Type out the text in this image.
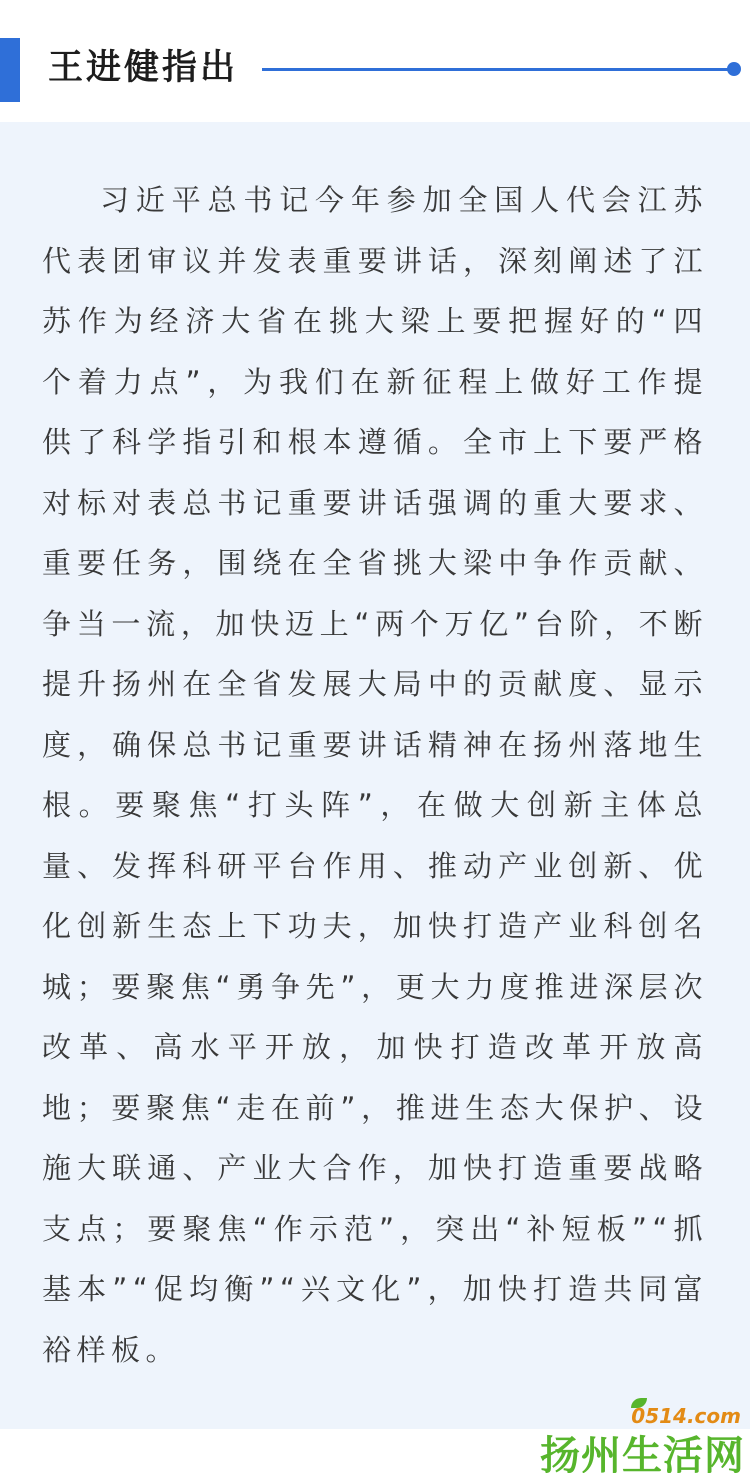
王进健指出

习近平总书记今年参加全国人代会江苏代表团审议并发表重要讲话，深刻阐述了江苏作为经济大省在挑大梁上要把握好的“四个着力点”，为我们在新征程上做好工作提供了科学指引和根本遵循。全市上下要严格对标对表总书记重要讲话强调的重大要求、重要任务，围绕在全省挑大梁中争作贡献、争当一流，加快迈上“两个万亿”台阶，不断提升扬州在全省发展大局中的贡献度、显示度，确保总书记重要讲话精神在扬州落地生根。要聚焦“打头阵”，在做大创新主体总量、发挥科研平台作用、推动产业创新、优化创新生态上下功夫，加快打造产业科创名城；要聚焦“勇争先”，更大力度推进深层次改革、高水平开放，加快打造改革开放高地；要聚焦“走在前”，推进生态大保护、设施大联通、产业大合作，加快打造重要战略支点；要聚焦“作示范”，突出“补短板”“抓基本”“促均衡”“兴文化”，加快打造共同富裕样板。

0514.com
扬州生活网
